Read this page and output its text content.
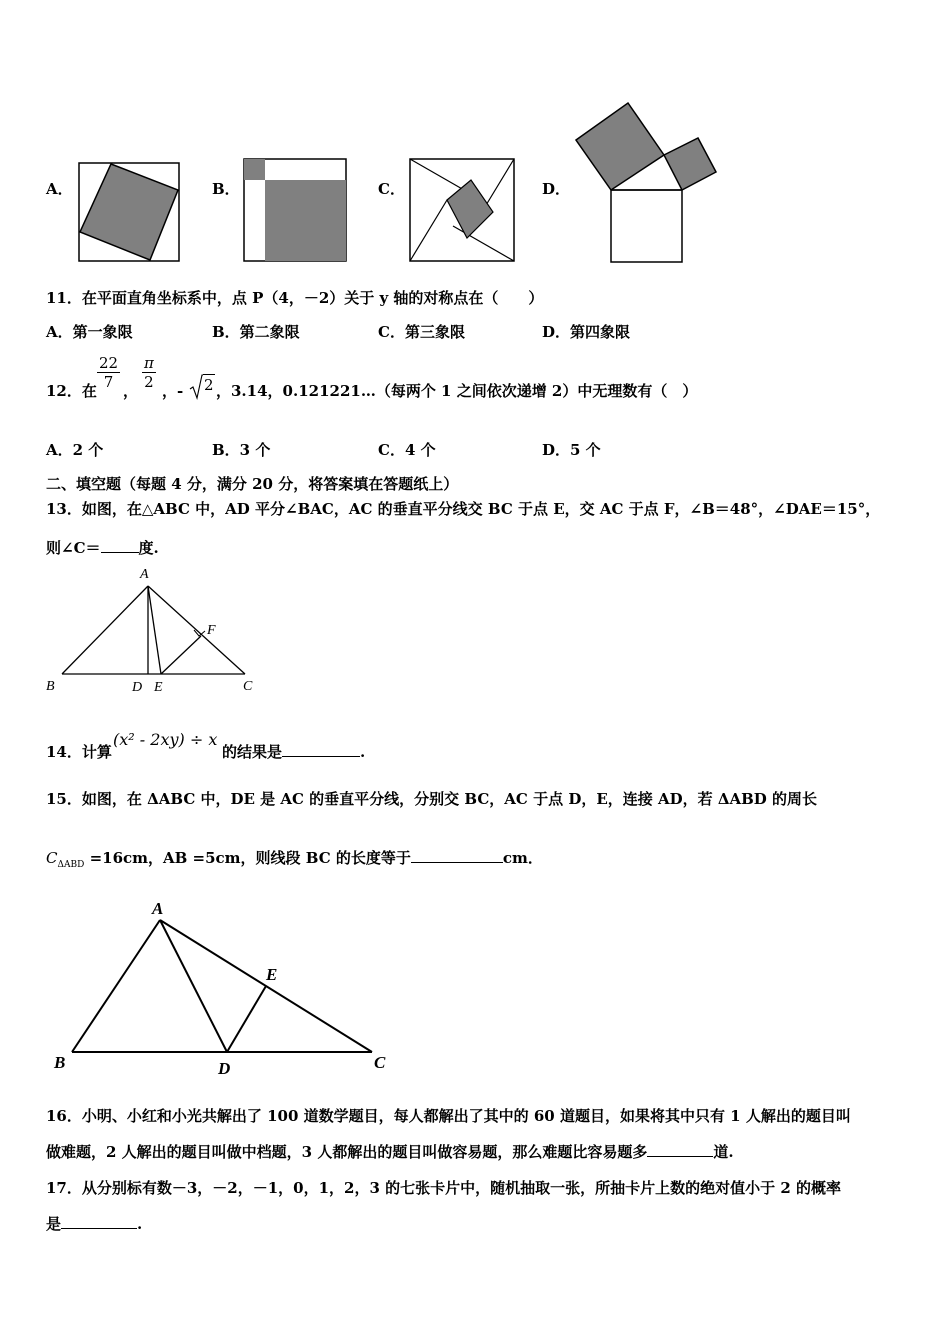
A．	B．	C．	D．
11．在平面直角坐标系中，点 P（4，－2）关于 y 轴的对称点在（　　）
A．第一象限	B．第二象限	C．第三象限	D．第四象限
12．在 $\frac{22}{7}$ ， $\frac{\pi}{2}$ ，- 2 ，3.14，0.121221…（每两个 1 之间依次递增 2）中无理数有（　）
A．2 个	B．3 个	C．4 个	D．5 个
二、填空题（每题 4 分，满分 20 分，将答案填在答题纸上）
13．如图，在△ABC 中，AD 平分∠BAC，AC 的垂直平分线交 BC 于点 E，交 AC 于点 F，∠B＝48°，∠DAE＝15°，
则∠C＝	度.
A
B	C
D E
F
14．计算
(x² - 2xy) ÷ x
的结果是	.
15．如图，在 ΔABC 中，DE 是 AC 的垂直平分线，分别交 BC，AC 于点 D，E，连接 AD，若 ΔABD 的周长
$C_{\Delta ABD} =16cm$，AB =5cm，则线段 BC 的长度等于	cm．
A
B	C
D
E
16．小明、小红和小光共解出了 100 道数学题目，每人都解出了其中的 60 道题目，如果将其中只有 1 人解出的题目叫
做难题，2 人解出的题目叫做中档题，3 人都解出的题目叫做容易题，那么难题比容易题多	道.
17．从分别标有数－3，－2，－1，0，1，2，3 的七张卡片中，随机抽取一张，所抽卡片上数的绝对值小于 2 的概率
是	.
